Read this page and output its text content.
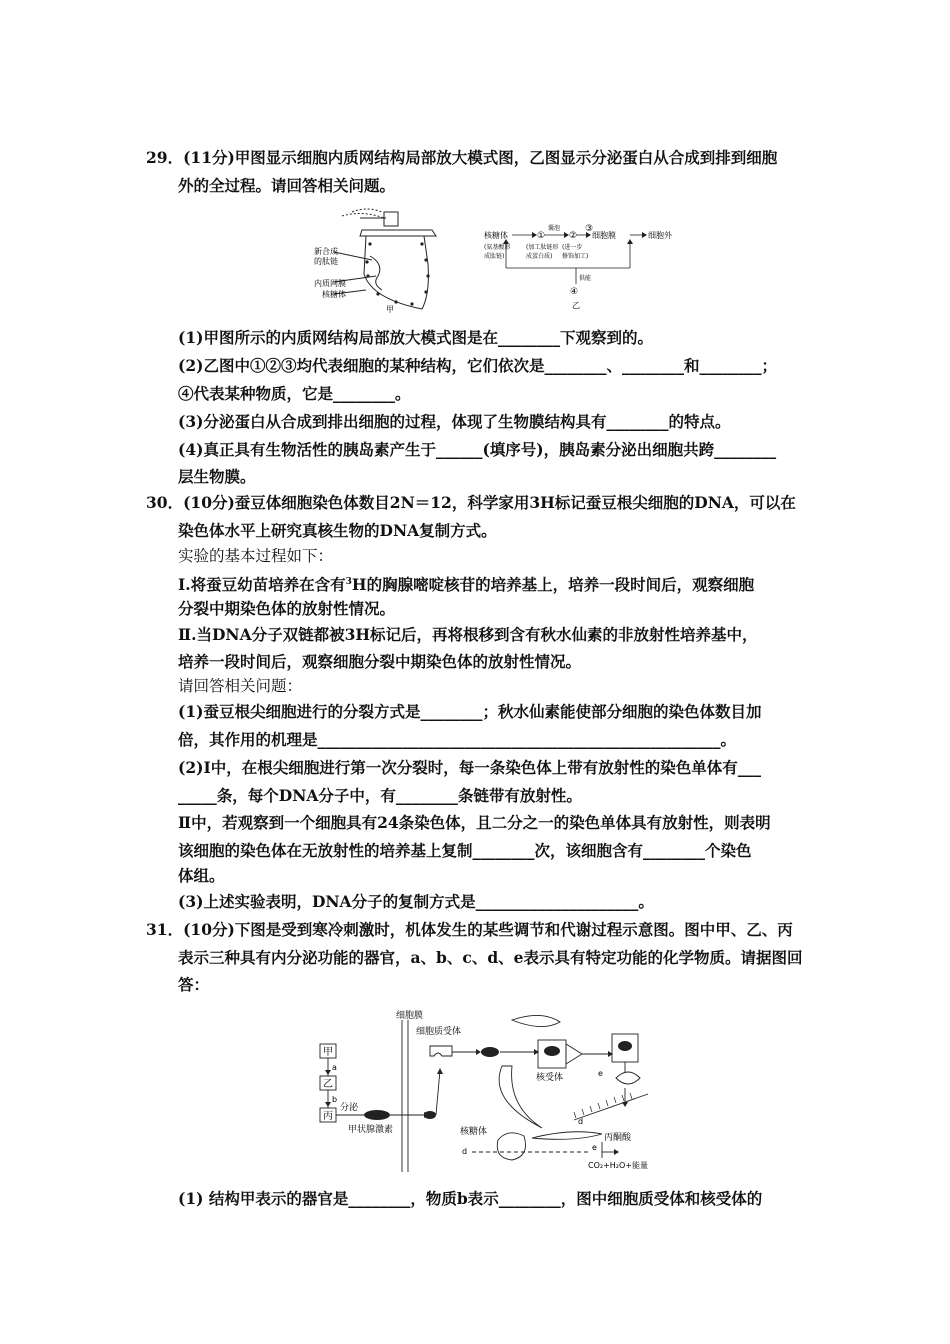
29．(11分)甲图显示细胞内质网结构局部放大模式图，乙图显示分泌蛋白从合成到排到细胞
外的全过程。请回答相关问题。
新合成
的肽链
内质网膜
核糖体
甲
核糖体
(氨基酸形
成肽链)
①
囊泡
(加工肽链形
成蛋白质)
②
③
(进一步
修饰加工)
细胞膜	细胞外
供能
④
乙
(1)甲图所示的内质网结构局部放大模式图是在________下观察到的。
(2)乙图中①②③均代表细胞的某种结构，它们依次是________、________和________；
④代表某种物质，它是________。
(3)分泌蛋白从合成到排出细胞的过程，体现了生物膜结构具有________的特点。
(4)真正具有生物活性的胰岛素产生于______(填序号)，胰岛素分泌出细胞共跨________
层生物膜。
30．(10分)蚕豆体细胞染色体数目2N＝12，科学家用3H标记蚕豆根尖细胞的DNA，可以在
染色体水平上研究真核生物的DNA复制方式。
实验的基本过程如下：
Ⅰ.将蚕豆幼苗培养在含有$^3$H的胸腺嘧啶核苷的培养基上，培养一段时间后，观察细胞
分裂中期染色体的放射性情况。
Ⅱ.当DNA分子双链都被3H标记后，再将根移到含有秋水仙素的非放射性培养基中，
培养一段时间后，观察细胞分裂中期染色体的放射性情况。
请回答相关问题：
(1)蚕豆根尖细胞进行的分裂方式是________；秋水仙素能使部分细胞的染色体数目加
倍，其作用的机理是____________________________________________________。
(2)Ⅰ中，在根尖细胞进行第一次分裂时，每一条染色体上带有放射性的染色单体有___
_____条，每个DNA分子中，有________条链带有放射性。
Ⅱ中，若观察到一个细胞具有24条染色体，且二分之一的染色单体具有放射性，则表明
该细胞的染色体在无放射性的培养基上复制________次，该细胞含有________个染色
体组。
(3)上述实验表明，DNA分子的复制方式是_____________________。
31．(10分)下图是受到寒冷刺激时，机体发生的某些调节和代谢过程示意图。图中甲、乙、丙
表示三种具有内分泌功能的器官，a、b、c、d、e表示具有特定功能的化学物质。请据图回
答：
细胞膜
细胞质受体
甲
乙
丙
a
b
分泌
甲状腺激素
核受体	e
d
核糖体
d	e
丙酮酸
CO₂+H₂O+能量
(1) 结构甲表示的器官是________，物质b表示________，图中细胞质受体和核受体的
